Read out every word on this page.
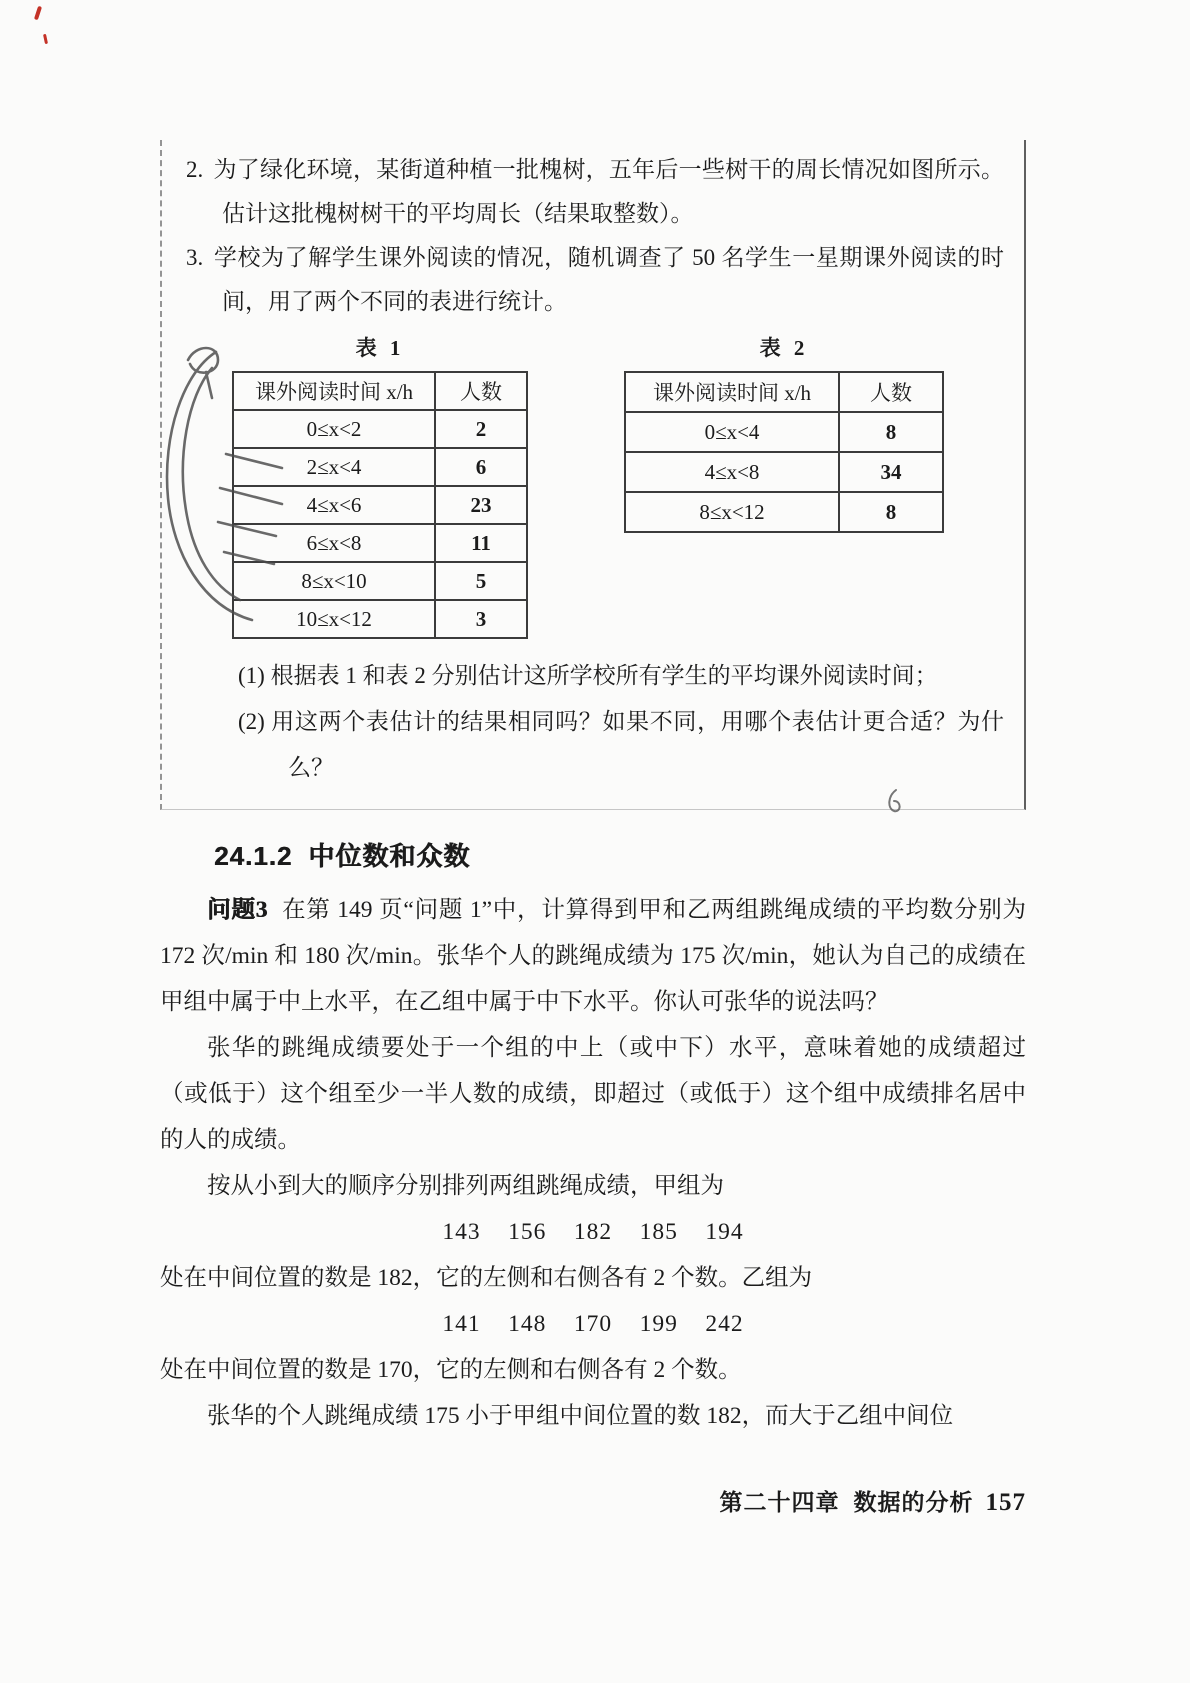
2. 为了绿化环境，某街道种植一批槐树，五年后一些树干的周长情况如图所示。估计这批槐树树干的平均周长（结果取整数）。
3. 学校为了解学生课外阅读的情况，随机调查了 50 名学生一星期课外阅读的时间，用了两个不同的表进行统计。
表 1
课外阅读时间 x/h	人数
0≤x<2	2
2≤x<4	6
4≤x<6	23
6≤x<8	11
8≤x<10	5
10≤x<12	3
表 2
课外阅读时间 x/h	人数
0≤x<4	8
4≤x<8	34
8≤x<12	8
(1) 根据表 1 和表 2 分别估计这所学校所有学生的平均课外阅读时间；
(2) 用这两个表估计的结果相同吗？如果不同，用哪个表估计更合适？为什么？
24.1.2 中位数和众数

问题3 在第 149 页“问题 1”中，计算得到甲和乙两组跳绳成绩的平均数分别为 172 次/min 和 180 次/min。张华个人的跳绳成绩为 175 次/min，她认为自己的成绩在甲组中属于中上水平，在乙组中属于中下水平。你认可张华的说法吗？

张华的跳绳成绩要处于一个组的中上（或中下）水平，意味着她的成绩超过（或低于）这个组至少一半人数的成绩，即超过（或低于）这个组中成绩排名居中的人的成绩。

按从小到大的顺序分别排列两组跳绳成绩，甲组为

143    156    182    185    194

处在中间位置的数是 182，它的左侧和右侧各有 2 个数。乙组为

141    148    170    199    242

处在中间位置的数是 170，它的左侧和右侧各有 2 个数。

张华的个人跳绳成绩 175 小于甲组中间位置的数 182，而大于乙组中间位

第二十四章 数据的分析 157
